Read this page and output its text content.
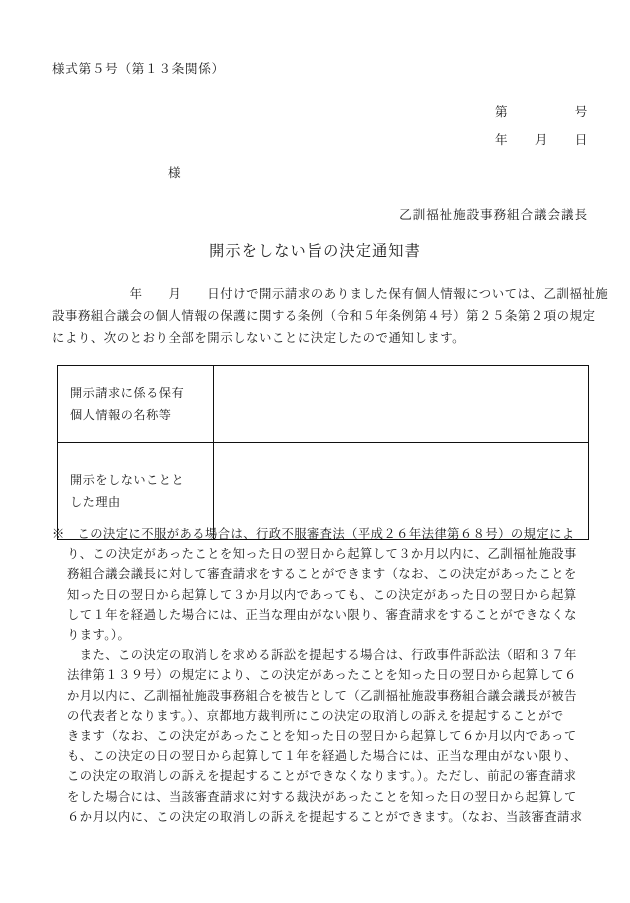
様式第５号（第１３条関係）
第　　　　　号
年　　月　　日
様
乙訓福祉施設事務組合議会議長
開示をしない旨の決定通知書
　　　　　　年　　月　　日付けで開示請求のありました保有個人情報については、乙訓福祉施
設事務組合議会の個人情報の保護に関する条例（令和５年条例第４号）第２５条第２項の規定
により、次のとおり全部を開示しないことに決定したので通知します。
開示請求に係る保有
個人情報の名称等	

開示をしないことと
した理由	

※　この決定に不服がある場合は、行政不服審査法（平成２６年法律第６８号）の規定によ
り、この決定があったことを知った日の翌日から起算して３か月以内に、乙訓福祉施設事
務組合議会議長に対して審査請求をすることができます（なお、この決定があったことを
知った日の翌日から起算して３か月以内であっても、この決定があった日の翌日から起算
して１年を経過した場合には、正当な理由がない限り、審査請求をすることができなくな
ります。）。
　また、この決定の取消しを求める訴訟を提起する場合は、行政事件訴訟法（昭和３７年
法律第１３９号）の規定により、この決定があったことを知った日の翌日から起算して６
か月以内に、乙訓福祉施設事務組合を被告として（乙訓福祉施設事務組合議会議長が被告
の代表者となります。）、京都地方裁判所にこの決定の取消しの訴えを提起することがで
きます（なお、この決定があったことを知った日の翌日から起算して６か月以内であって
も、この決定の日の翌日から起算して１年を経過した場合には、正当な理由がない限り、
この決定の取消しの訴えを提起することができなくなります。）。ただし、前記の審査請求
をした場合には、当該審査請求に対する裁決があったことを知った日の翌日から起算して
６か月以内に、この決定の取消しの訴えを提起することができます。（なお、当該審査請求
